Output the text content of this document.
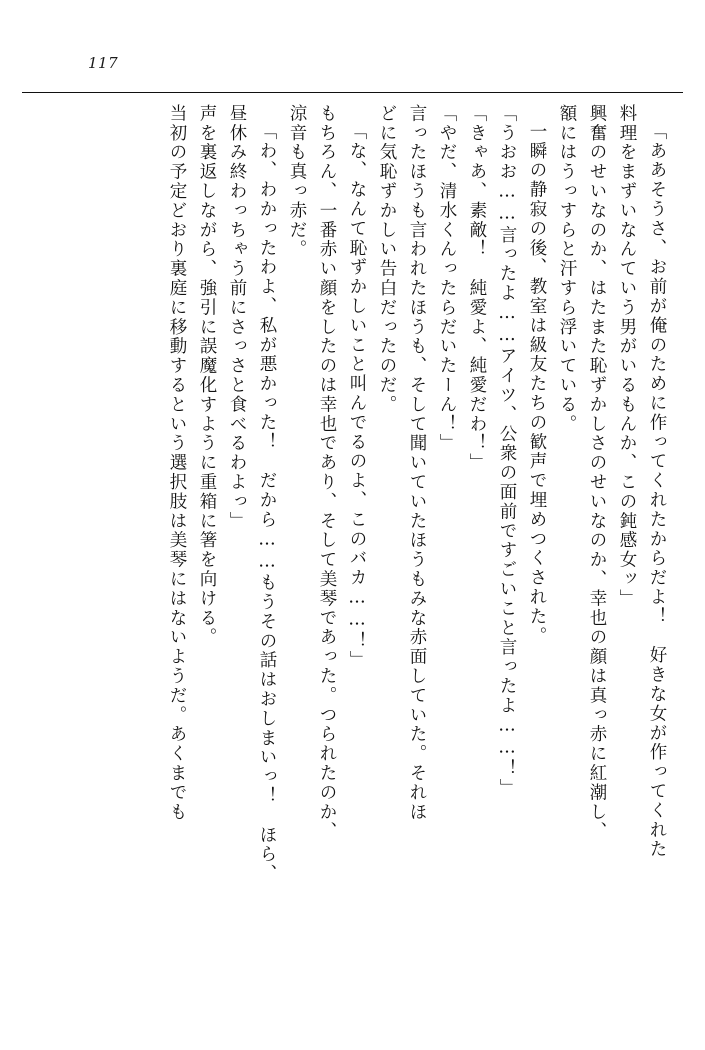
117
「ああそうさ、お前が俺のために作ってくれたからだよ！　好きな女が作ってくれた
料理をまずいなんていう男がいるもんか、この鈍感女ッ」
興奮のせいなのか、はたまた恥ずかしさのせいなのか、幸也の顔は真っ赤に紅潮し、
額にはうっすらと汗すら浮いている。
一瞬の静寂の後、教室は級友たちの歓声で埋めつくされた。
「うおお……言ったよ……アイツ、公衆の面前ですごいこと言ったよ……！」
「きゃあ、素敵！　純愛よ、純愛だわ！」
「やだ、清水くんったらだいたーん！」
言ったほうも言われたほうも、そして聞いていたほうもみな赤面していた。それほ
どに気恥ずかしい告白だったのだ。
「な、なんて恥ずかしいこと叫んでるのよ、このバカ……！」
もちろん、一番赤い顔をしたのは幸也であり、そして美琴であった。つられたのか、
涼音も真っ赤だ。
「わ、わかったわよ、私が悪かった！　だから……もうその話はおしまいっ！　ほら、
昼休み終わっちゃう前にさっさと食べるわよっ」
声を裏返しながら、強引に誤魔化すように重箱に箸を向ける。
当初の予定どおり裏庭に移動するという選択肢は美琴にはないようだ。あくまでも
